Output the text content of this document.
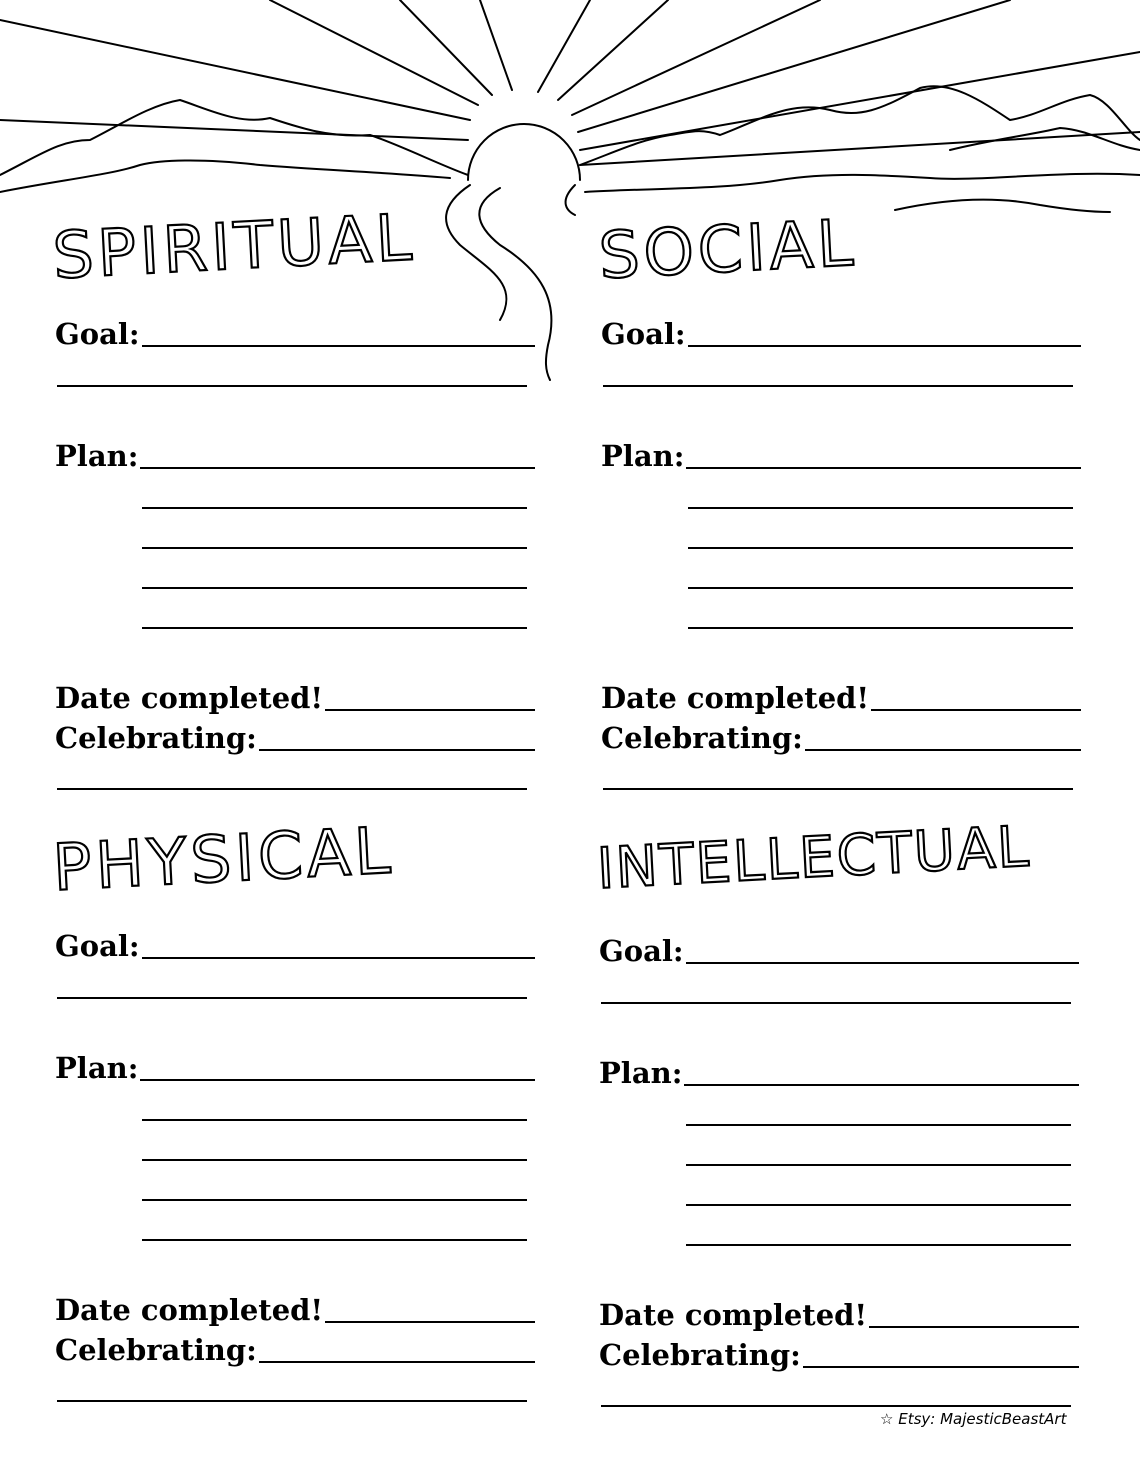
SPIRITUAL
Goal:
Plan:
Date completed!
Celebrating:
SOCIAL
Goal:
Plan:
Date completed!
Celebrating:
PHYSICAL
Goal:
Plan:
Date completed!
Celebrating:
INTELLECTUAL
Goal:
Plan:
Date completed!
Celebrating:
☆ Etsy: MajesticBeastArt
